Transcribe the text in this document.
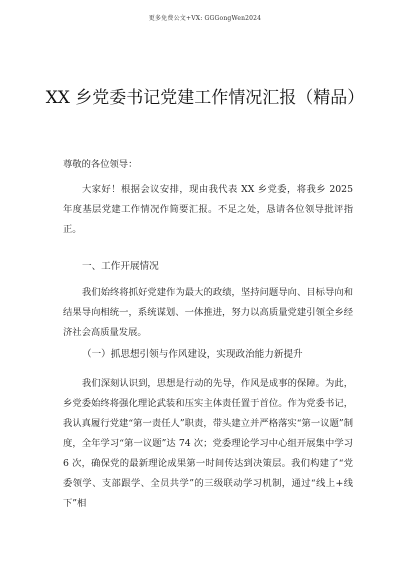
更多免费公文+VX: GGGongWen2024
XX 乡党委书记党建工作情况汇报（精品）

尊敬的各位领导：

大家好！根据会议安排，现由我代表 XX 乡党委，将我乡 2025 年度基层党建工作情况作简要汇报。不足之处，恳请各位领导批评指正。

一、工作开展情况

我们始终将抓好党建作为最大的政绩，坚持问题导向、目标导向和结果导向相统一，系统谋划、一体推进，努力以高质量党建引领全乡经济社会高质量发展。

（一）抓思想引领与作风建设，实现政治能力新提升

我们深刻认识到，思想是行动的先导，作风是成事的保障。为此，乡党委始终将强化理论武装和压实主体责任置于首位。作为党委书记，我认真履行党建“第一责任人”职责，带头建立并严格落实“第一议题”制度，全年学习“第一议题”达 74 次；党委理论学习中心组开展集中学习 6 次，确保党的最新理论成果第一时间传达到决策层。我们构建了“党委领学、支部跟学、全员共学”的三级联动学习机制，通过“线上+线下”相
